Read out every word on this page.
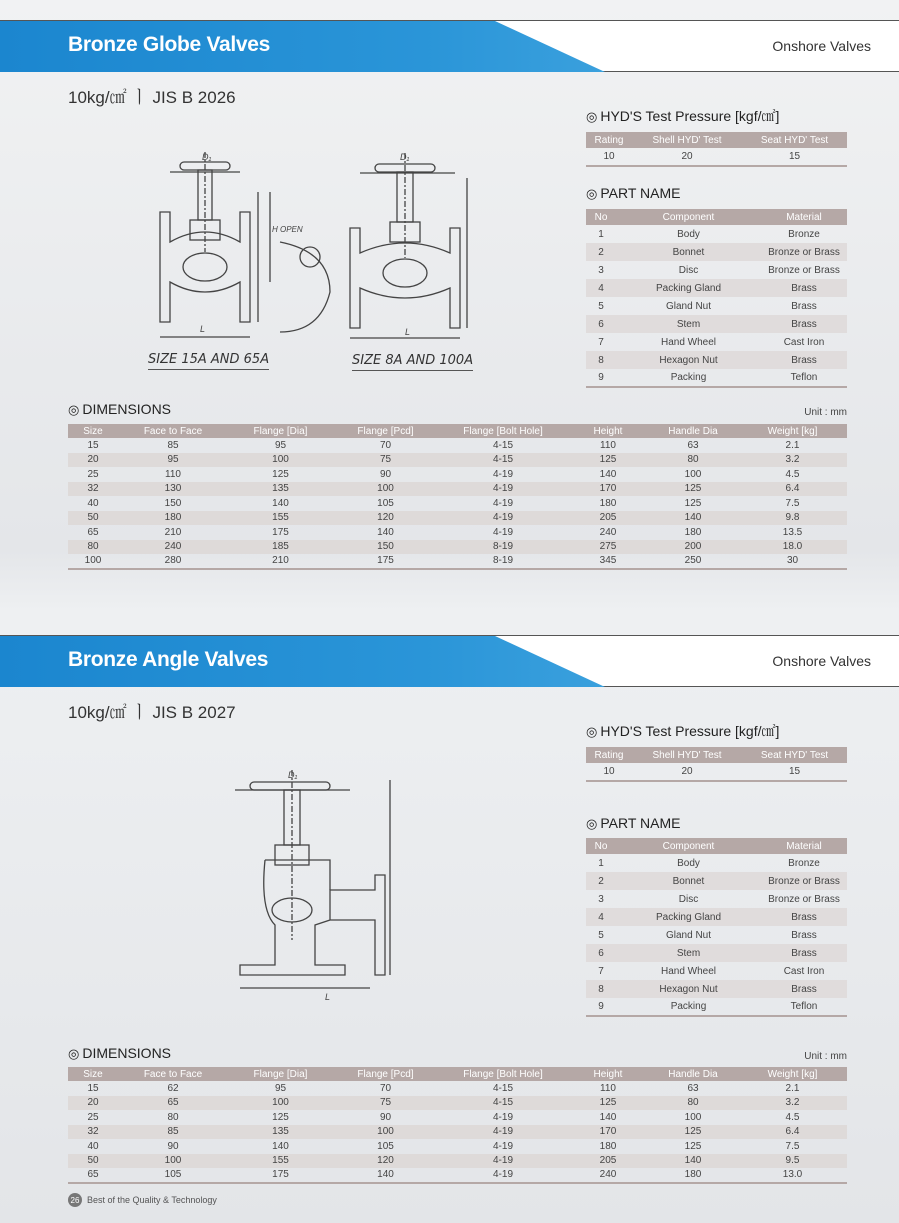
Bronze Globe Valves	Onshore Valves
10kg/㎠ ㅣ JIS B 2026
L
D₁
H OPEN
SIZE 15A AND 65A
L
D₁
SIZE 8A AND 100A
◎ HYD'S Test Pressure [kgf/㎠]
Rating	Shell HYD' Test	Seat HYD' Test
10	20	15
◎ PART NAME
No	Component	Material
1	Body	Bronze
2	Bonnet	Bronze or Brass
3	Disc	Bronze or Brass
4	Packing Gland	Brass
5	Gland Nut	Brass
6	Stem	Brass
7	Hand Wheel	Cast Iron
8	Hexagon Nut	Brass
9	Packing	Teflon
◎ DIMENSIONS	Unit : mm
Size	Face to Face	Flange [Dia]	Flange [Pcd]	Flange [Bolt Hole]	Height	Handle Dia	Weight [kg]
15	85	95	70	4-15	110	63	2.1
20	95	100	75	4-15	125	80	3.2
25	110	125	90	4-19	140	100	4.5
32	130	135	100	4-19	170	125	6.4
40	150	140	105	4-19	180	125	7.5
50	180	155	120	4-19	205	140	9.8
65	210	175	140	4-19	240	180	13.5
80	240	185	150	8-19	275	200	18.0
100	280	210	175	8-19	345	250	30
Bronze Angle Valves	Onshore Valves
10kg/㎠ ㅣ JIS B 2027
D₁
L
◎ HYD'S Test Pressure [kgf/㎠]
Rating	Shell HYD' Test	Seat HYD' Test
10	20	15
◎ PART NAME
No	Component	Material
1	Body	Bronze
2	Bonnet	Bronze or Brass
3	Disc	Bronze or Brass
4	Packing Gland	Brass
5	Gland Nut	Brass
6	Stem	Brass
7	Hand Wheel	Cast Iron
8	Hexagon Nut	Brass
9	Packing	Teflon
◎ DIMENSIONS	Unit : mm
Size	Face to Face	Flange [Dia]	Flange [Pcd]	Flange [Bolt Hole]	Height	Handle Dia	Weight [kg]
15	62	95	70	4-15	110	63	2.1
20	65	100	75	4-15	125	80	3.2
25	80	125	90	4-19	140	100	4.5
32	85	135	100	4-19	170	125	6.4
40	90	140	105	4-19	180	125	7.5
50	100	155	120	4-19	205	140	9.5
65	105	175	140	4-19	240	180	13.0
26 Best of the Quality & Technology
